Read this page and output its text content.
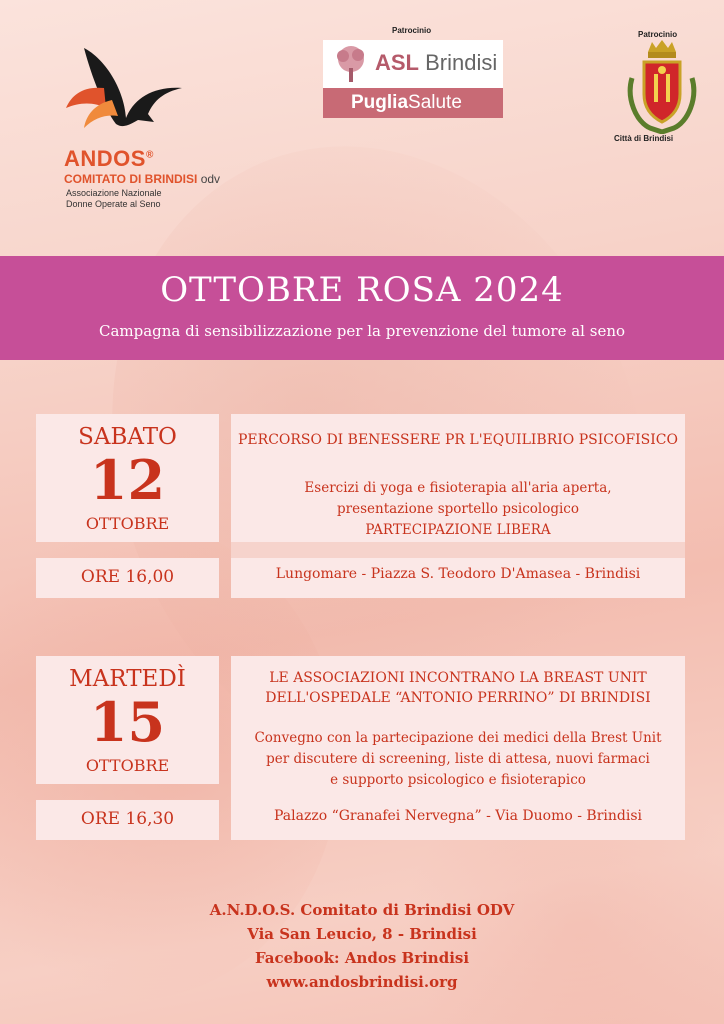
ANDOS®
COMITATO DI BRINDISI odv
Associazione Nazionale
Donne Operate al Seno
Patrocinio
ASL Brindisi
PugliaSalute
Patrocinio
Città di Brindisi
OTTOBRE ROSA 2024
Campagna di sensibilizzazione per la prevenzione del tumore al seno
SABATO
12
OTTOBRE
PERCORSO DI BENESSERE PR L'EQUILIBRIO PSICOFISICO
Esercizi di yoga e fisioterapia all'aria aperta,
presentazione sportello psicologico
PARTECIPAZIONE LIBERA
Lungomare - Piazza S. Teodoro D'Amasea - Brindisi
ORE 16,00
MARTEDÌ
15
OTTOBRE
LE ASSOCIAZIONI INCONTRANO LA BREAST UNIT
DELL'OSPEDALE “ANTONIO PERRINO” DI BRINDISI
Convegno con la partecipazione dei medici della Brest Unit
per discutere di screening, liste di attesa, nuovi farmaci
e supporto psicologico e fisioterapico
Palazzo “Granafei Nervegna” - Via Duomo - Brindisi
ORE 16,30
A.N.D.O.S. Comitato di Brindisi ODV
Via San Leucio, 8 - Brindisi
Facebook: Andos Brindisi
www.andosbrindisi.org
